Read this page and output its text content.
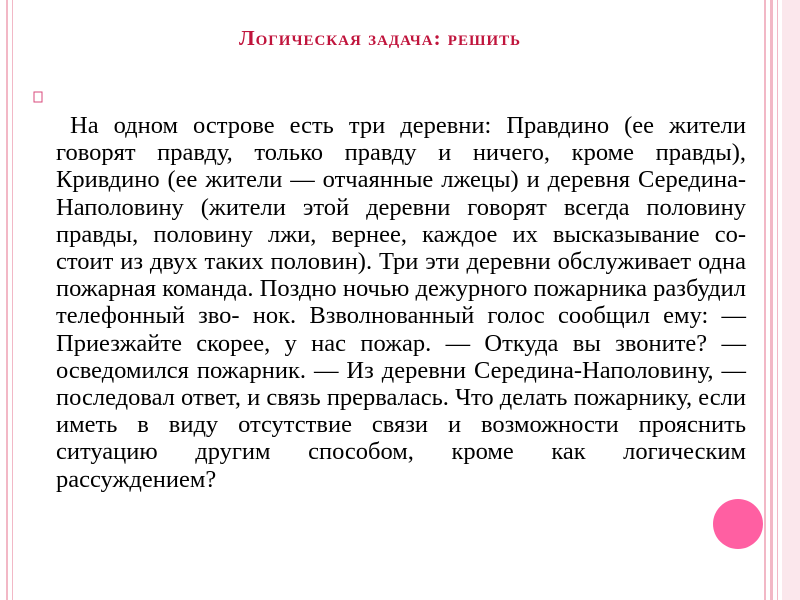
Логическая задача: решить
На одном острове есть три деревни: Правдино (ее жители говорят правду, только правду и ничего, кроме правды), Кривдино (ее жители — отчаянные лжецы) и деревня Середина-Наполовину (жители этой деревни говорят всегда половину правды, половину лжи, вернее, каждое их высказывание со- стоит из двух таких половин). Три эти деревни обслуживает одна пожарная команда. Поздно ночью дежурного пожарника разбудил телефонный зво- нок. Взволнованный голос сообщил ему: — Приезжайте скорее, у нас пожар. — Откуда вы звоните? — осведомился пожарник. — Из деревни Середина-Наполовину, — последовал ответ, и связь прервалась. Что делать пожарнику, если иметь в виду отсутствие связи и возможности прояснить ситуацию другим способом, кроме как логическим рассуждением?
